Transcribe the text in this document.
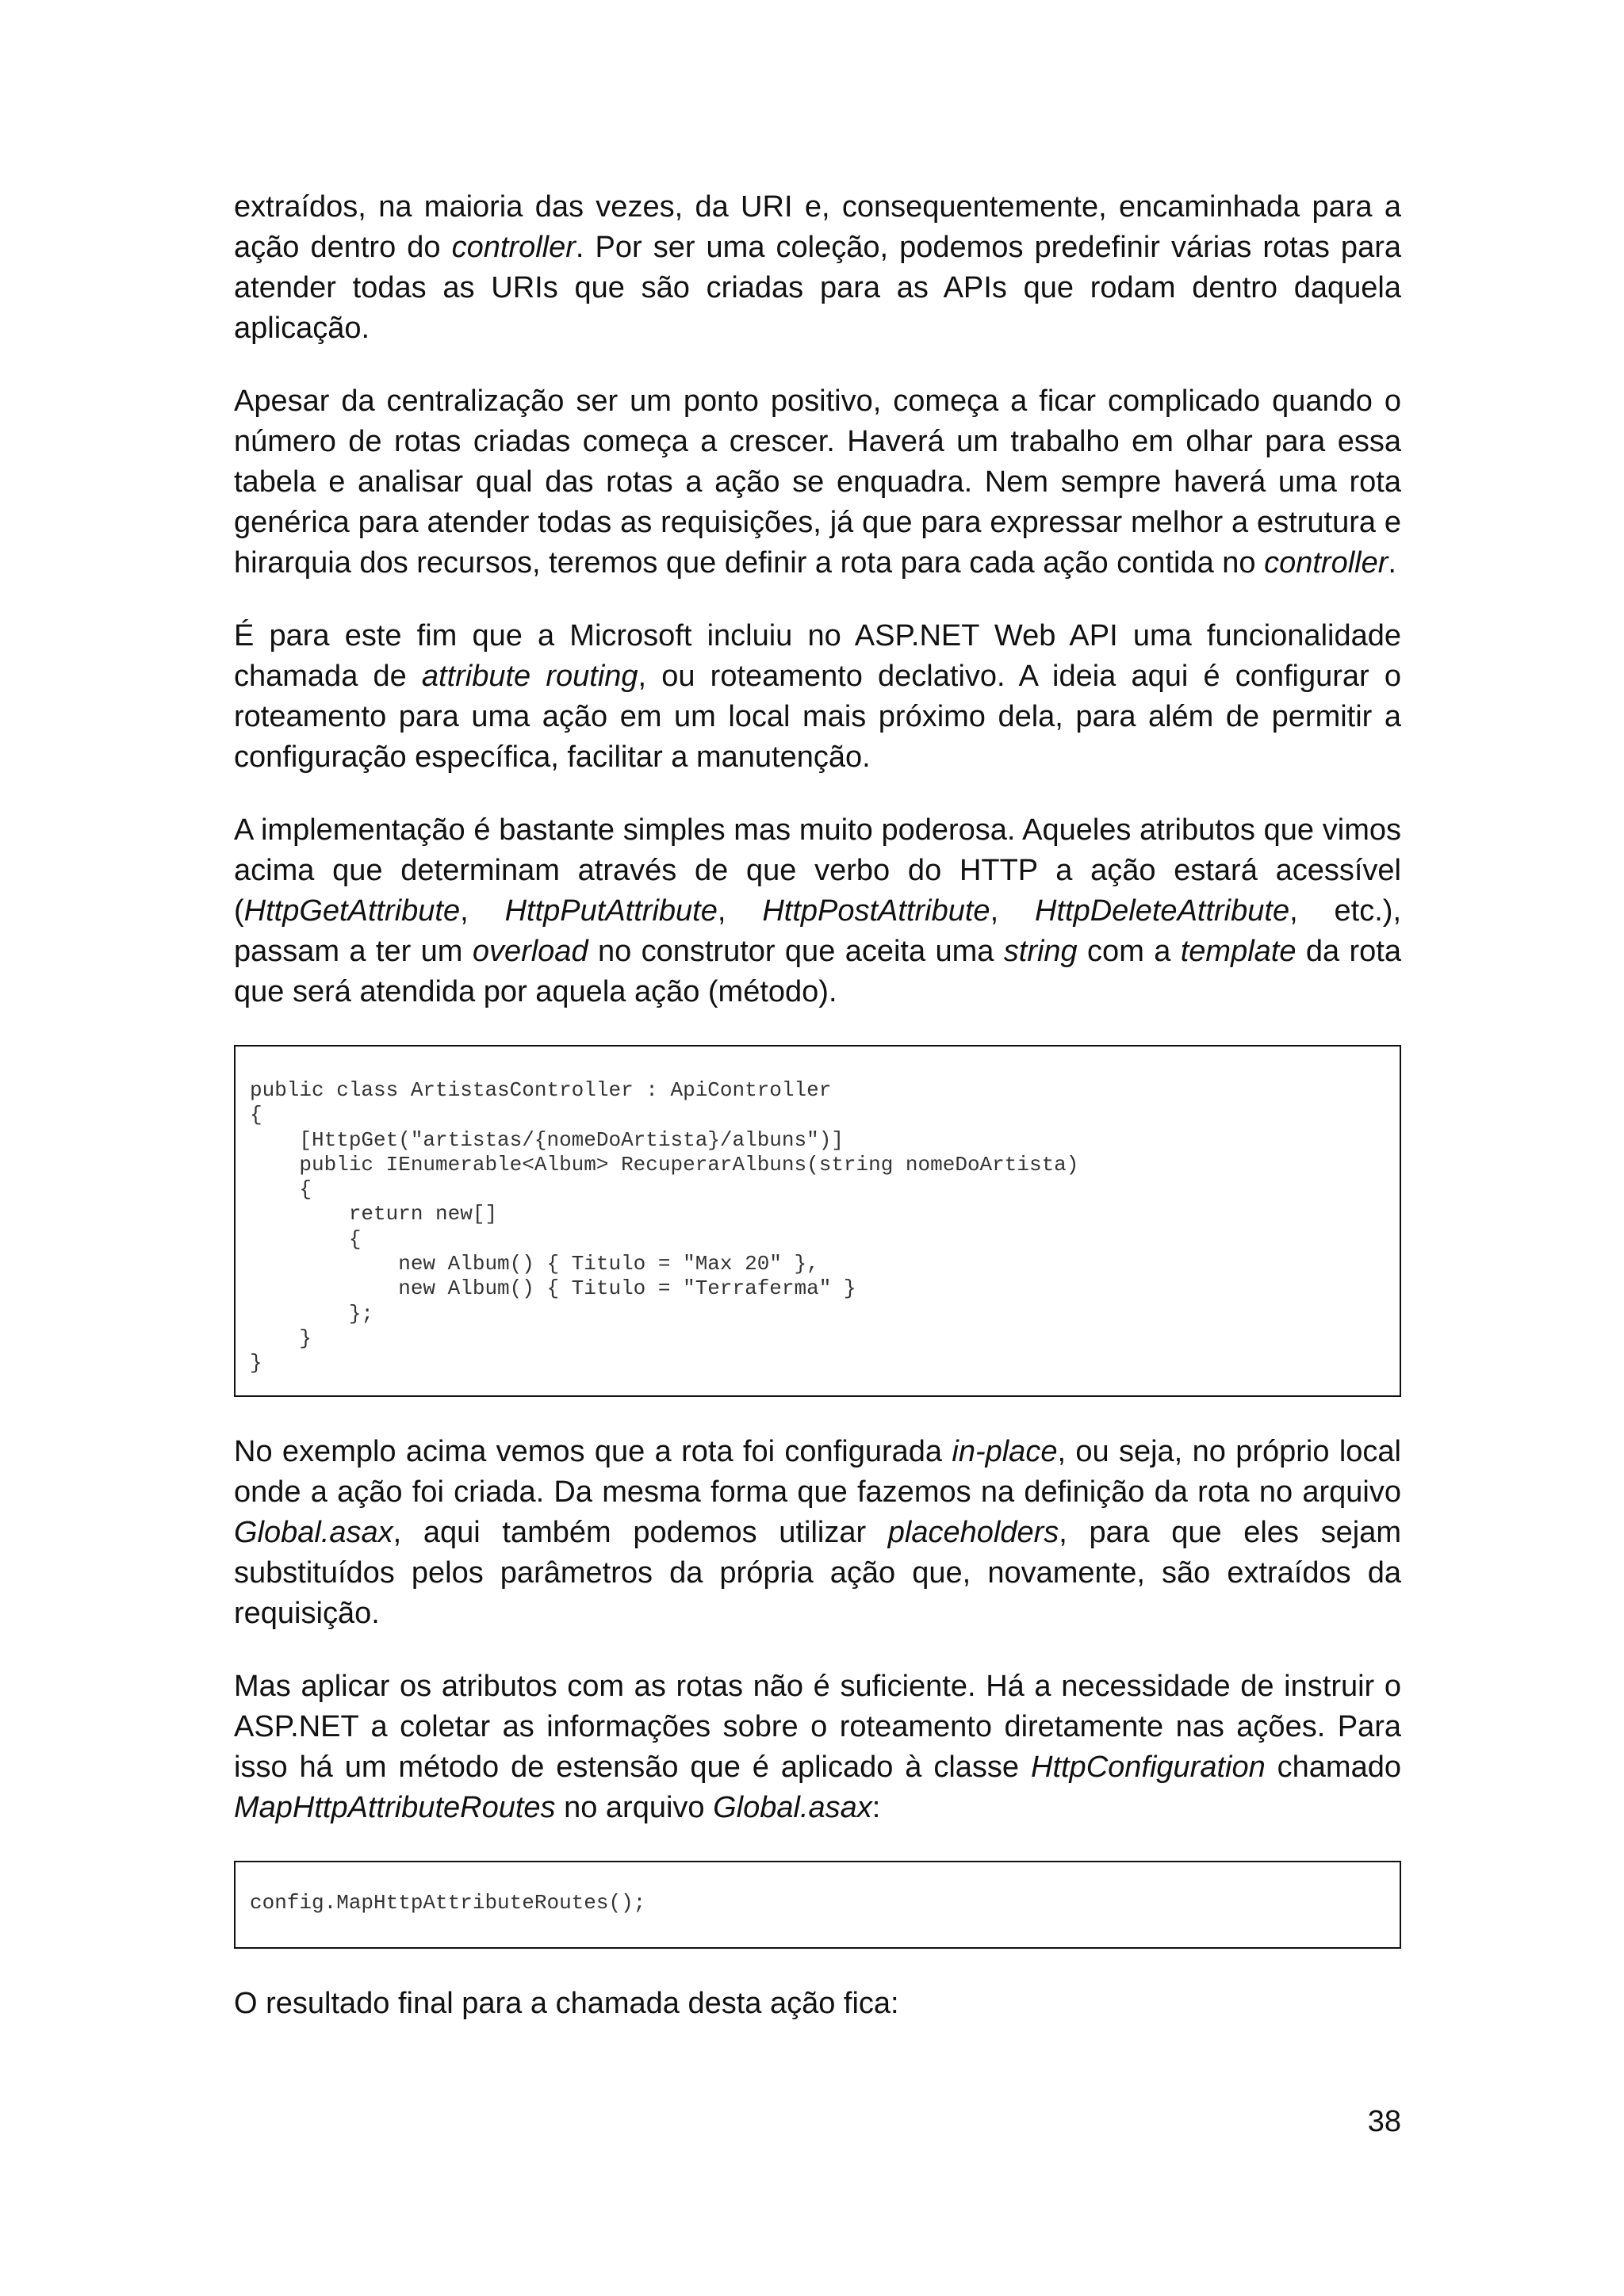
extraídos, na maioria das vezes, da URI e, consequentemente, encaminhada para a ação dentro do controller. Por ser uma coleção, podemos predefinir várias rotas para atender todas as URIs que são criadas para as APIs que rodam dentro daquela aplicação.

Apesar da centralização ser um ponto positivo, começa a ficar complicado quando o número de rotas criadas começa a crescer. Haverá um trabalho em olhar para essa tabela e analisar qual das rotas a ação se enquadra. Nem sempre haverá uma rota genérica para atender todas as requisições, já que para expressar melhor a estrutura e hirarquia dos recursos, teremos que definir a rota para cada ação contida no controller.

É para este fim que a Microsoft incluiu no ASP.NET Web API uma funcionalidade chamada de attribute routing, ou roteamento declativo. A ideia aqui é configurar o roteamento para uma ação em um local mais próximo dela, para além de permitir a configuração específica, facilitar a manutenção.

A implementação é bastante simples mas muito poderosa. Aqueles atributos que vimos acima que determinam através de que verbo do HTTP a ação estará acessível (HttpGetAttribute, HttpPutAttribute, HttpPostAttribute, HttpDeleteAttribute, etc.), passam a ter um overload no construtor que aceita uma string com a template da rota que será atendida por aquela ação (método).

public class ArtistasController : ApiController
{
[HttpGet("artistas/{nomeDoArtista}/albuns")]
public IEnumerable<Album> RecuperarAlbuns(string nomeDoArtista)
{
return new[]
{
new Album() { Titulo = "Max 20" },
new Album() { Titulo = "Terraferma" }
};
}
}

No exemplo acima vemos que a rota foi configurada in-place, ou seja, no próprio local onde a ação foi criada. Da mesma forma que fazemos na definição da rota no arquivo Global.asax, aqui também podemos utilizar placeholders, para que eles sejam substituídos pelos parâmetros da própria ação que, novamente, são extraídos da requisição.

Mas aplicar os atributos com as rotas não é suficiente. Há a necessidade de instruir o ASP.NET a coletar as informações sobre o roteamento diretamente nas ações. Para isso há um método de estensão que é aplicado à classe HttpConfiguration chamado MapHttpAttributeRoutes no arquivo Global.asax:

config.MapHttpAttributeRoutes();

O resultado final para a chamada desta ação fica:

38
